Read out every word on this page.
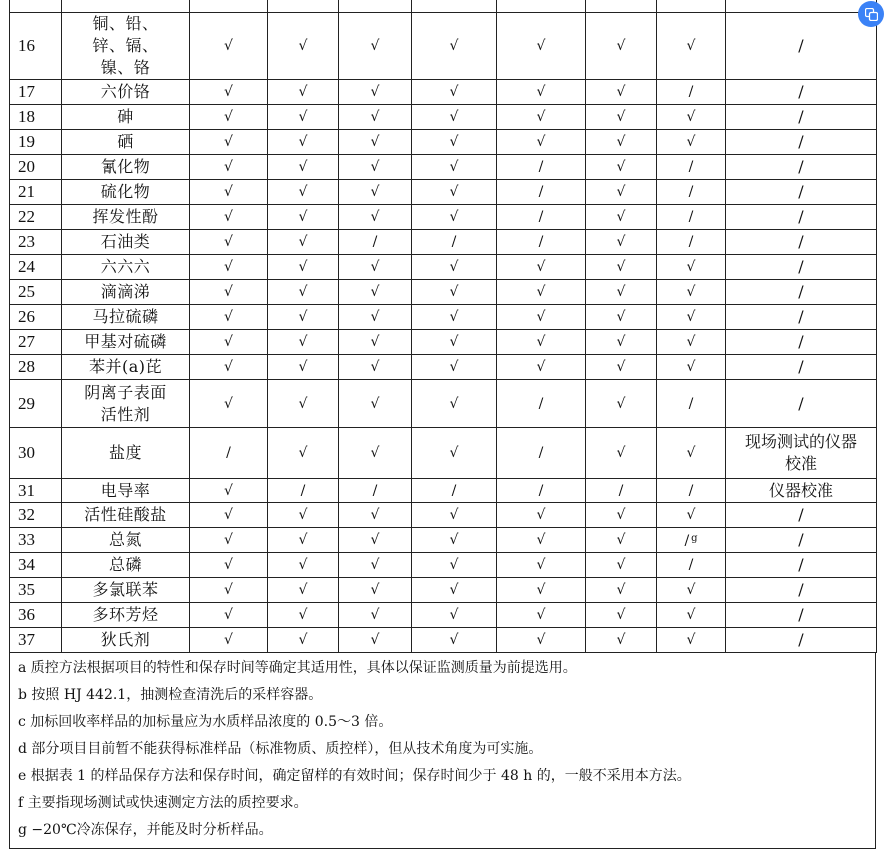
16	铜、铅、锌、镉、镍、铬	√	√	√	√	√	√	√	/
17	六价铬	√	√	√	√	√	√	/	/
18	砷	√	√	√	√	√	√	√	/
19	硒	√	√	√	√	√	√	√	/
20	氰化物	√	√	√	√	/	√	/	/
21	硫化物	√	√	√	√	/	√	/	/
22	挥发性酚	√	√	√	√	/	√	/	/
23	石油类	√	√	/	/	/	√	/	/
24	六六六	√	√	√	√	√	√	√	/
25	滴滴涕	√	√	√	√	√	√	√	/
26	马拉硫磷	√	√	√	√	√	√	√	/
27	甲基对硫磷	√	√	√	√	√	√	√	/
28	苯并(a)芘	√	√	√	√	√	√	√	/
29	阴离子表面活性剂	√	√	√	√	/	√	/	/
30	盐度	/	√	√	√	/	√	√	现场测试的仪器校准

31	电导率	√	/	/	/	/	/	/	仪器校准

32	活性硅酸盐	√	√	√	√	√	√	√	/
33	总氮	√	√	√	√	√	√	/ $^g$	/
34	总磷	√	√	√	√	√	√	/	/
35	多氯联苯	√	√	√	√	√	√	√	/
36	多环芳烃	√	√	√	√	√	√	√	/
37	狄氏剂	√	√	√	√	√	√	√	/
a 质控方法根据项目的特性和保存时间等确定其适用性，具体以保证监测质量为前提选用。
b 按照 HJ 442.1，抽测检查清洗后的采样容器。
c 加标回收率样品的加标量应为水质样品浓度的 0.5～3 倍。
d 部分项目目前暂不能获得标准样品（标准物质、质控样），但从技术角度为可实施。
e 根据表 1 的样品保存方法和保存时间，确定留样的有效时间；保存时间少于 48 h 的，一般不采用本方法。
f 主要指现场测试或快速测定方法的质控要求。
g −20℃冷冻保存，并能及时分析样品。
